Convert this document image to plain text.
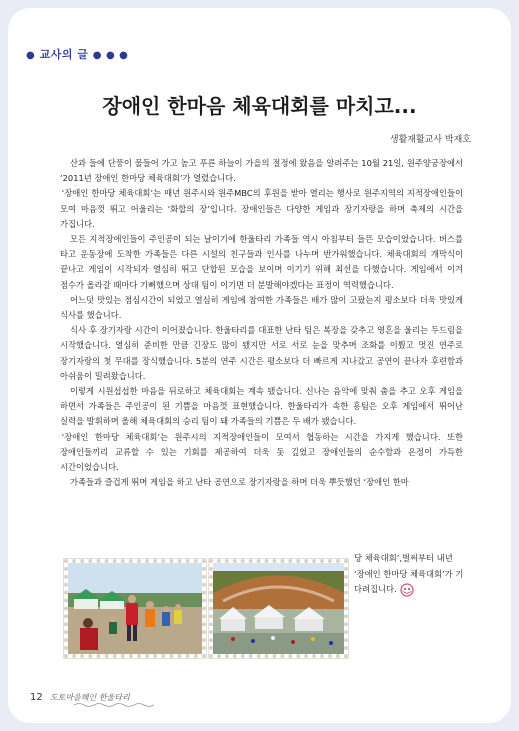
● 교사의 글 ● ● ●
장애인 한마음 체육대회를 마치고...
생활재활교사 박재호

산과 들에 단풍이 물들어 가고 높고 푸른 하늘이 가을의 절정에 왔음을 알려주는 10월 21일, 원주양궁장에서 ‘2011년 장애인 한마당 체육대회’가 열렸습니다.

‘장애인 한마당 체육대회’는 매년 원주시와 원주MBC의 후원을 받아 열리는 행사로 원주지역의 지적장애인들이 모여 마음껏 뛰고 어울리는 ‘화합의 장’입니다. 장애인들은 다양한 게임과 장기자랑을 하며 축제의 시간을 가집니다.

모든 지적장애인들이 주인공이 되는 날이기에 한울타리 가족들 역시 아침부터 들뜬 모습이었습니다. 버스를 타고 운동장에 도착한 가족들은 다른 시설의 친구들과 인사를 나누며 반가워했습니다. 체육대회의 개막식이 끝나고 게임이 시작되자 열심히 뛰고 단합된 모습을 보이며 이기기 위해 최선을 다했습니다. 게임에서 이겨 점수가 올라갈 때마다 기뻐했으며 상대 팀이 이기면 더 분발해야겠다는 표정이 역력했습니다.

어느덧 맛있는 점심시간이 되었고 열심히 게임에 참여한 가족들은 배가 많이 고팠는지 평소보다 더욱 맛있게 식사를 했습니다.

식사 후 장기자랑 시간이 이어졌습니다. 한울타리를 대표한 난타 팀은 복장을 갖추고 영혼을 울리는 두드림을 시작했습니다. 열심히 준비한 만큼 긴장도 많이 됐지만 서로 서로 눈을 맞추며 조화를 이뤘고 멋진 연주로 장기자랑의 첫 무대를 장식했습니다. 5분의 연주 시간은 평소보다 더 빠르게 지나갔고 공연이 끝나자 후련함과 아쉬움이 밀려왔습니다.

이렇게 시원섭섭한 마음을 뒤로하고 체육대회는 계속 됐습니다. 신나는 음악에 맞춰 춤을 추고 오후 게임을 하면서 가족들은 주인공이 된 기쁨을 마음껏 표현했습니다. 한울타리가 속한 흥팀은 오후 게임에서 뛰어난 실력을 발휘하며 올해 체육대회의 승리 팀이 돼 가족들의 기쁨은 두 배가 됐습니다.

‘장애인 한마당 체육대회’는 원주시의 지적장애인들이 모여서 협동하는 시간을 가지게 했습니다. 또한 장애인들끼리 교류할 수 있는 기회를 제공하여 더욱 돗 깊었고 장애인들의 순수함과 온정이 가득한 시간이었습니다.

가족들과 즐겁게 뛰며 게임을 하고 난타 공연으로 장기자랑을 하며 더욱 뿌듯했던 ‘장애인 한마

당 체육대회’,벌써부터 내년 ‘장애인 한마당 체육대회’가 기다려집니다.
12 도토마을해인 한울타리
